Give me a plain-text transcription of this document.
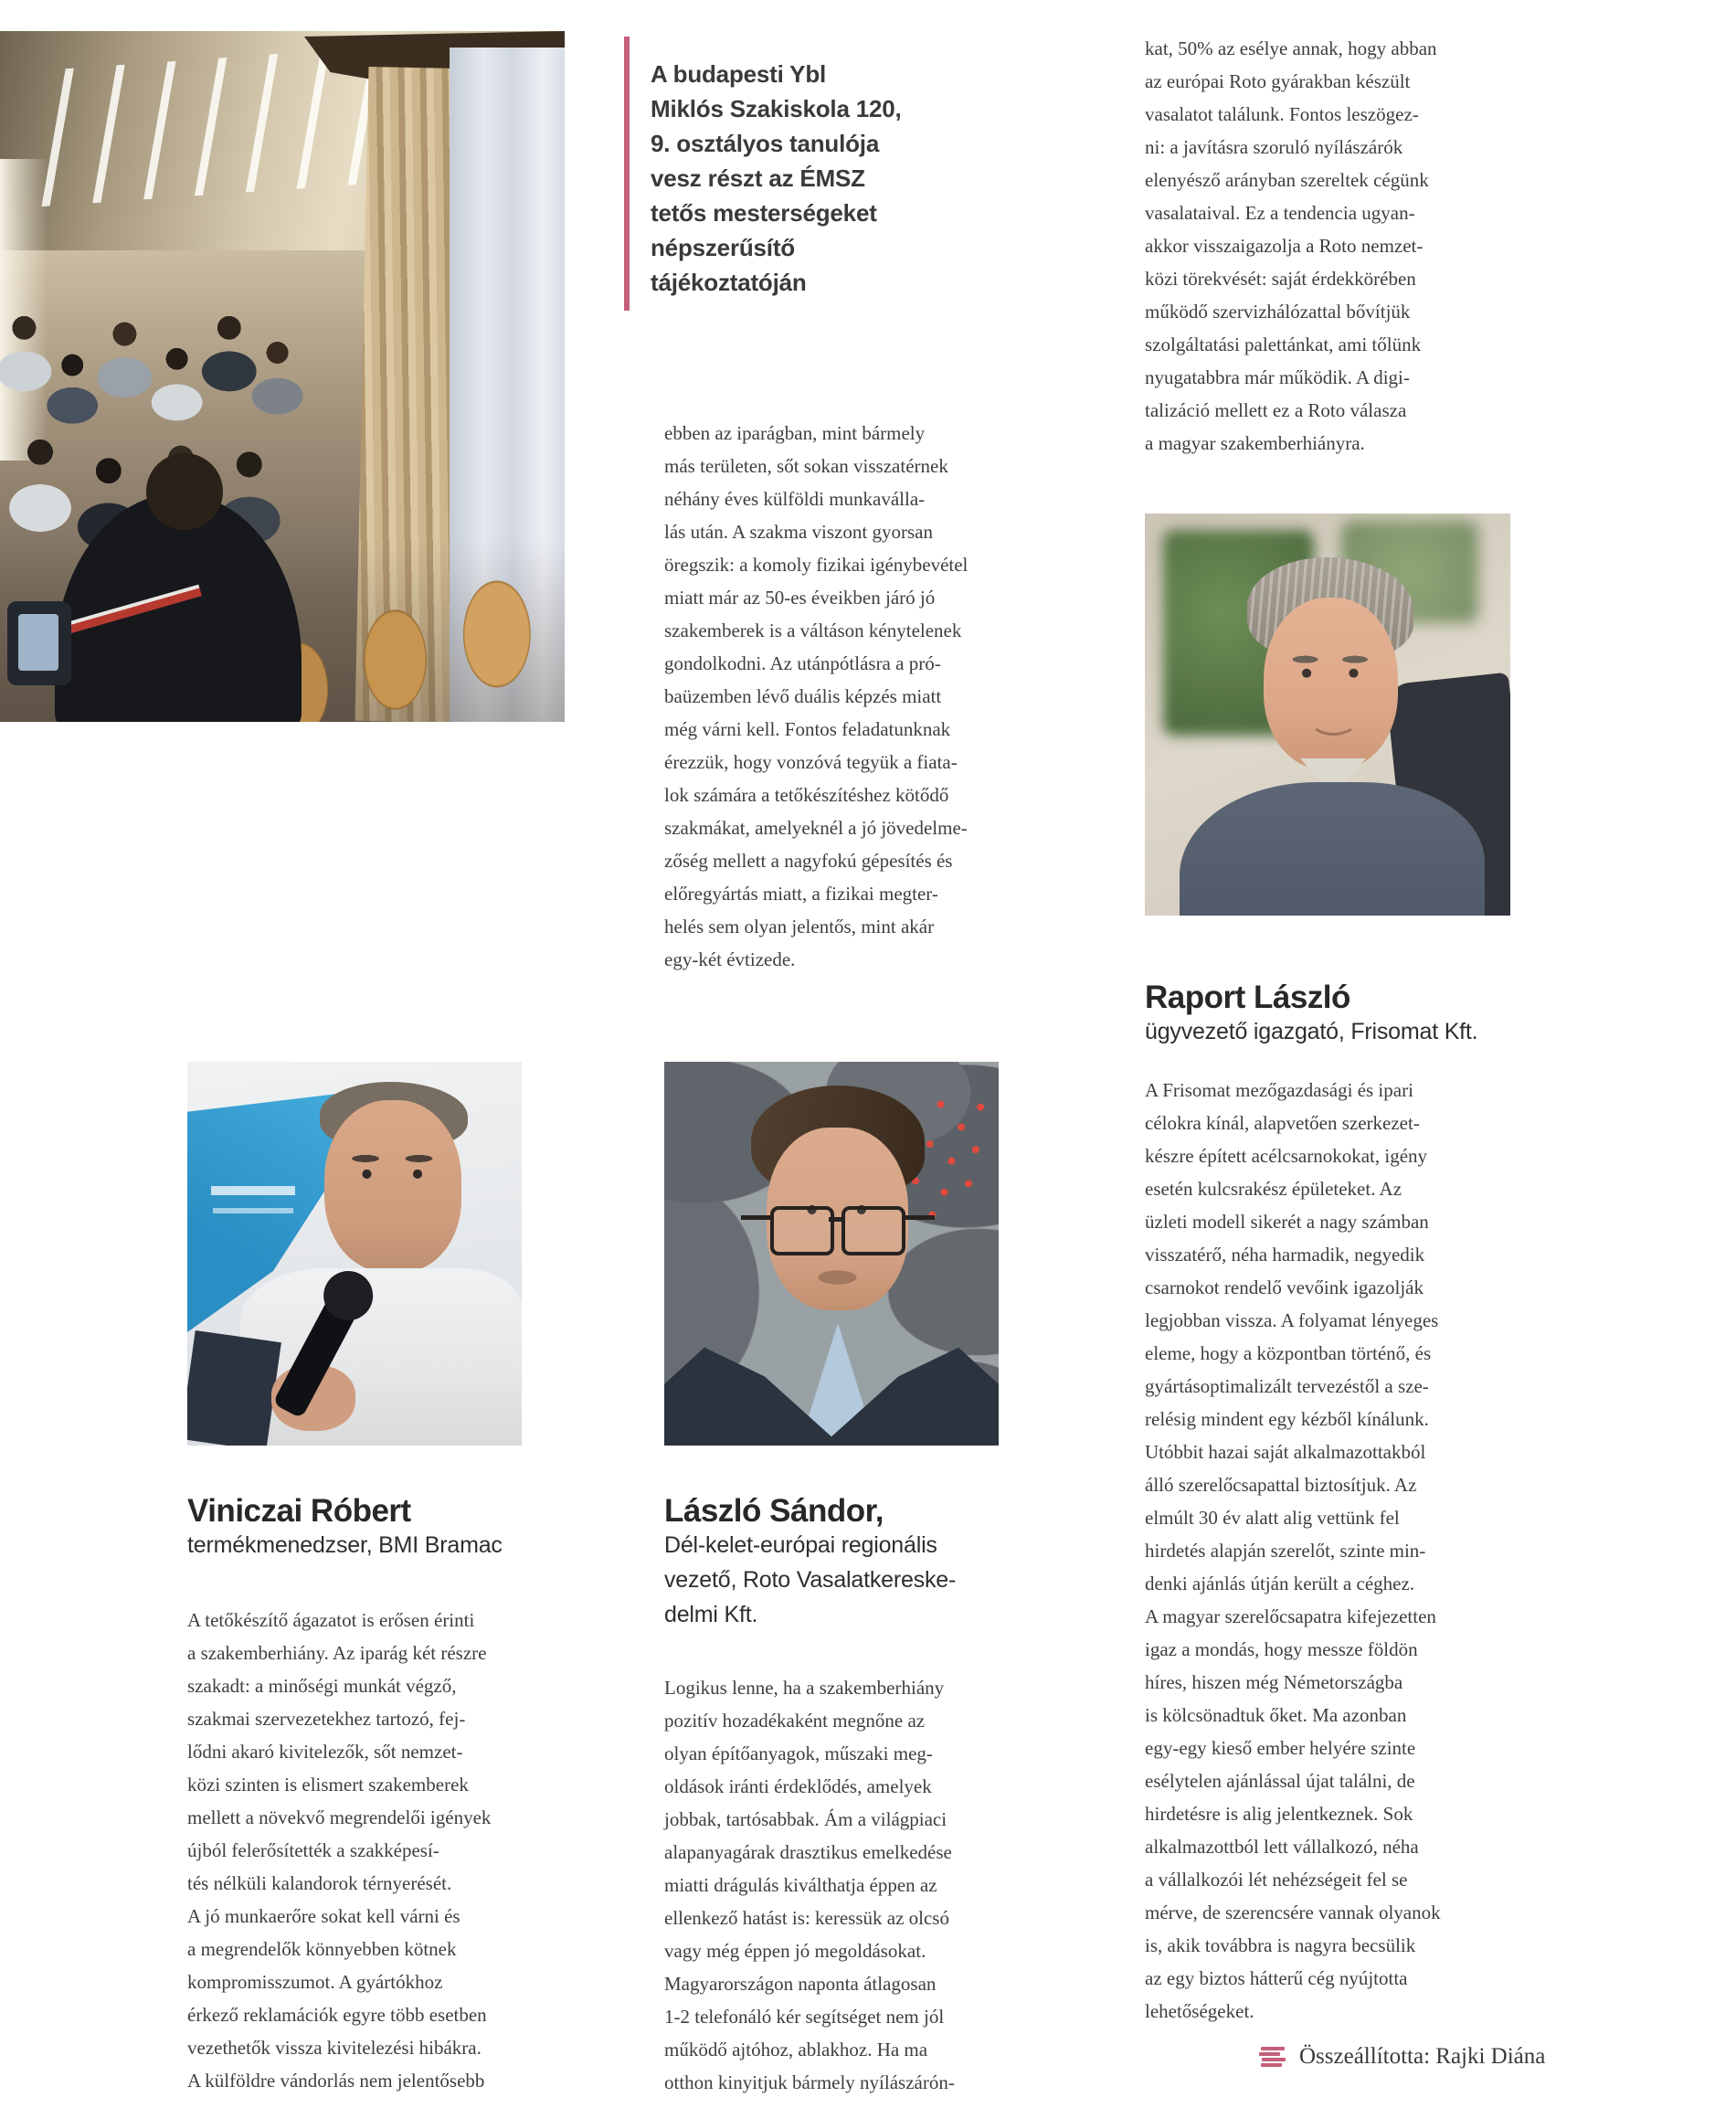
A budapesti Ybl
Miklós Szakiskola 120,
9. osztályos tanulója
vesz részt az ÉMSZ
tetős mesterségeket
népszerűsítő
tájékoztatóján
ebben az iparágban, mint bármely
más területen, sőt sokan visszatérnek
néhány éves külföldi munkaválla-
lás után. A szakma viszont gyorsan
öregszik: a komoly fizikai igénybevétel
miatt már az 50-es éveikben járó jó
szakemberek is a váltáson kénytelenek
gondolkodni. Az utánpótlásra a pró-
baüzemben lévő duális képzés miatt
még várni kell. Fontos feladatunknak
érezzük, hogy vonzóvá tegyük a fiata-
lok számára a tetőkészítéshez kötődő
szakmákat, amelyeknél a jó jövedelme-
zőség mellett a nagyfokú gépesítés és
előregyártás miatt, a fizikai megter-
helés sem olyan jelentős, mint akár
egy-két évtizede.
kat, 50% az esélye annak, hogy abban
az európai Roto gyárakban készült
vasalatot találunk. Fontos leszögez-
ni: a javításra szoruló nyílászárók
elenyésző arányban szereltek cégünk
vasalataival. Ez a tendencia ugyan-
akkor visszaigazolja a Roto nemzet-
közi törekvését: saját érdekkörében
működő szervizhálózattal bővítjük
szolgáltatási palettánkat, ami tőlünk
nyugatabbra már működik. A digi-
talizáció mellett ez a Roto válasza
a magyar szakemberhiányra.
Raport László
ügyvezető igazgató, Frisomat Kft.
A Frisomat mezőgazdasági és ipari
célokra kínál, alapvetően szerkezet-
készre épített acélcsarnokokat, igény
esetén kulcsrakész épületeket. Az
üzleti modell sikerét a nagy számban
visszatérő, néha harmadik, negyedik
csarnokot rendelő vevőink igazolják
legjobban vissza. A folyamat lényeges
eleme, hogy a központban történő, és
gyártásoptimalizált tervezéstől a sze-
relésig mindent egy kézből kínálunk.
Utóbbit hazai saját alkalmazottakból
álló szerelőcsapattal biztosítjuk. Az
elmúlt 30 év alatt alig vettünk fel
hirdetés alapján szerelőt, szinte min-
denki ajánlás útján került a céghez.
A magyar szerelőcsapatra kifejezetten
igaz a mondás, hogy messze földön
híres, hiszen még Németországba
is kölcsönadtuk őket. Ma azonban
egy-egy kieső ember helyére szinte
esélytelen ajánlással újat találni, de
hirdetésre is alig jelentkeznek. Sok
alkalmazottból lett vállalkozó, néha
a vállalkozói lét nehézségeit fel se
mérve, de szerencsére vannak olyanok
is, akik továbbra is nagyra becsülik
az egy biztos hátterű cég nyújtotta
lehetőségeket.
Viniczai Róbert
termékmenedzser, BMI Bramac
A tetőkészítő ágazatot is erősen érinti
a szakemberhiány. Az iparág két részre
szakadt: a minőségi munkát végző,
szakmai szervezetekhez tartozó, fej-
lődni akaró kivitelezők, sőt nemzet-
közi szinten is elismert szakemberek
mellett a növekvő megrendelői igények
újból felerősítették a szakképesí-
tés nélküli kalandorok térnyerését.
A jó munkaerőre sokat kell várni és
a megrendelők könnyebben kötnek
kompromisszumot. A gyártókhoz
érkező reklamációk egyre több esetben
vezethetők vissza kivitelezési hibákra.
A külföldre vándorlás nem jelentősebb
László Sándor,
Dél-kelet-európai regionális
vezető, Roto Vasalatkereske-
delmi Kft.
Logikus lenne, ha a szakemberhiány
pozitív hozadékaként megnőne az
olyan építőanyagok, műszaki meg-
oldások iránti érdeklődés, amelyek
jobbak, tartósabbak. Ám a világpiaci
alapanyagárak drasztikus emelkedése
miatti drágulás kiválthatja éppen az
ellenkező hatást is: keressük az olcsó
vagy még éppen jó megoldásokat.
Magyarországon naponta átlagosan
1-2 telefonáló kér segítséget nem jól
működő ajtóhoz, ablakhoz. Ha ma
otthon kinyitjuk bármely nyílászárón-
Összeállította: Rajki Diána
